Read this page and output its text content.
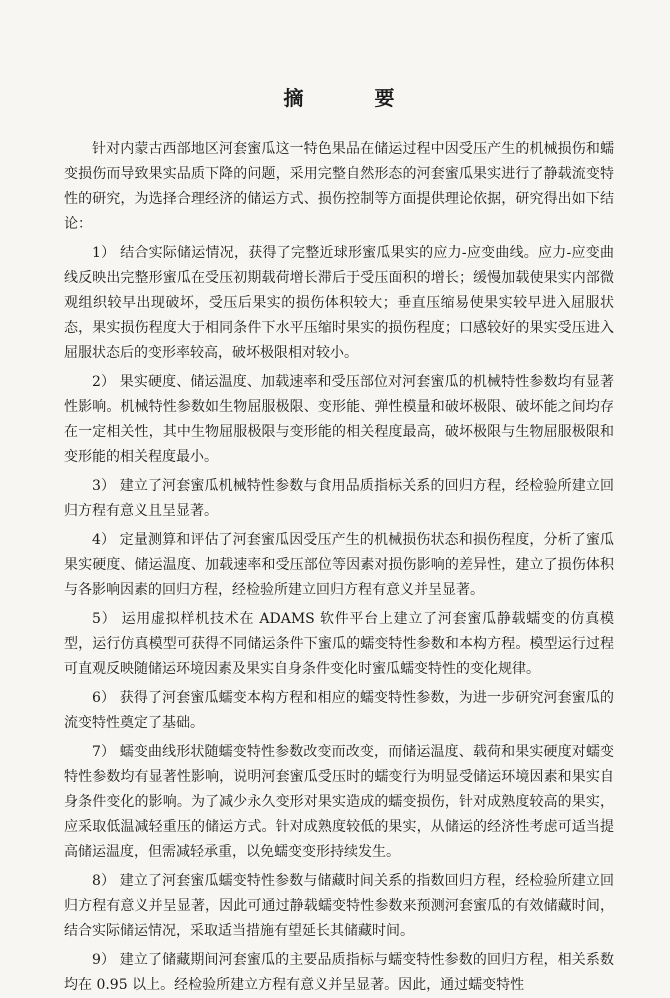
摘 要

针对内蒙古西部地区河套蜜瓜这一特色果品在储运过程中因受压产生的机械损伤和蠕变损伤而导致果实品质下降的问题，采用完整自然形态的河套蜜瓜果实进行了静载流变特性的研究，为选择合理经济的储运方式、损伤控制等方面提供理论依据，研究得出如下结论：

1） 结合实际储运情况，获得了完整近球形蜜瓜果实的应力-应变曲线。应力-应变曲线反映出完整形蜜瓜在受压初期载荷增长滞后于受压面积的增长；缓慢加载使果实内部微观组织较早出现破坏，受压后果实的损伤体积较大；垂直压缩易使果实较早进入屈服状态，果实损伤程度大于相同条件下水平压缩时果实的损伤程度；口感较好的果实受压进入屈服状态后的变形率较高，破坏极限相对较小。

2） 果实硬度、储运温度、加载速率和受压部位对河套蜜瓜的机械特性参数均有显著性影响。机械特性参数如生物屈服极限、变形能、弹性模量和破坏极限、破坏能之间均存在一定相关性，其中生物屈服极限与变形能的相关程度最高，破坏极限与生物屈服极限和变形能的相关程度最小。

3） 建立了河套蜜瓜机械特性参数与食用品质指标关系的回归方程，经检验所建立回归方程有意义且呈显著。

4） 定量测算和评估了河套蜜瓜因受压产生的机械损伤状态和损伤程度，分析了蜜瓜果实硬度、储运温度、加载速率和受压部位等因素对损伤影响的差异性，建立了损伤体积与各影响因素的回归方程，经检验所建立回归方程有意义并呈显著。

5） 运用虚拟样机技术在 ADAMS 软件平台上建立了河套蜜瓜静载蠕变的仿真模型，运行仿真模型可获得不同储运条件下蜜瓜的蠕变特性参数和本构方程。模型运行过程可直观反映随储运环境因素及果实自身条件变化时蜜瓜蠕变特性的变化规律。

6） 获得了河套蜜瓜蠕变本构方程和相应的蠕变特性参数，为进一步研究河套蜜瓜的流变特性奠定了基础。

7） 蠕变曲线形状随蠕变特性参数改变而改变，而储运温度、载荷和果实硬度对蠕变特性参数均有显著性影响，说明河套蜜瓜受压时的蠕变行为明显受储运环境因素和果实自身条件变化的影响。为了减少永久变形对果实造成的蠕变损伤，针对成熟度较高的果实，应采取低温减轻重压的储运方式。针对成熟度较低的果实，从储运的经济性考虑可适当提高储运温度，但需减轻承重，以免蠕变变形持续发生。

8） 建立了河套蜜瓜蠕变特性参数与储藏时间关系的指数回归方程，经检验所建立回归方程有意义并呈显著，因此可通过静载蠕变特性参数来预测河套蜜瓜的有效储藏时间，结合实际储运情况，采取适当措施有望延长其储藏时间。

9） 建立了储藏期间河套蜜瓜的主要品质指标与蠕变特性参数的回归方程，相关系数均在 0.95 以上。经检验所建立方程有意义并呈显著。因此，通过蠕变特性
